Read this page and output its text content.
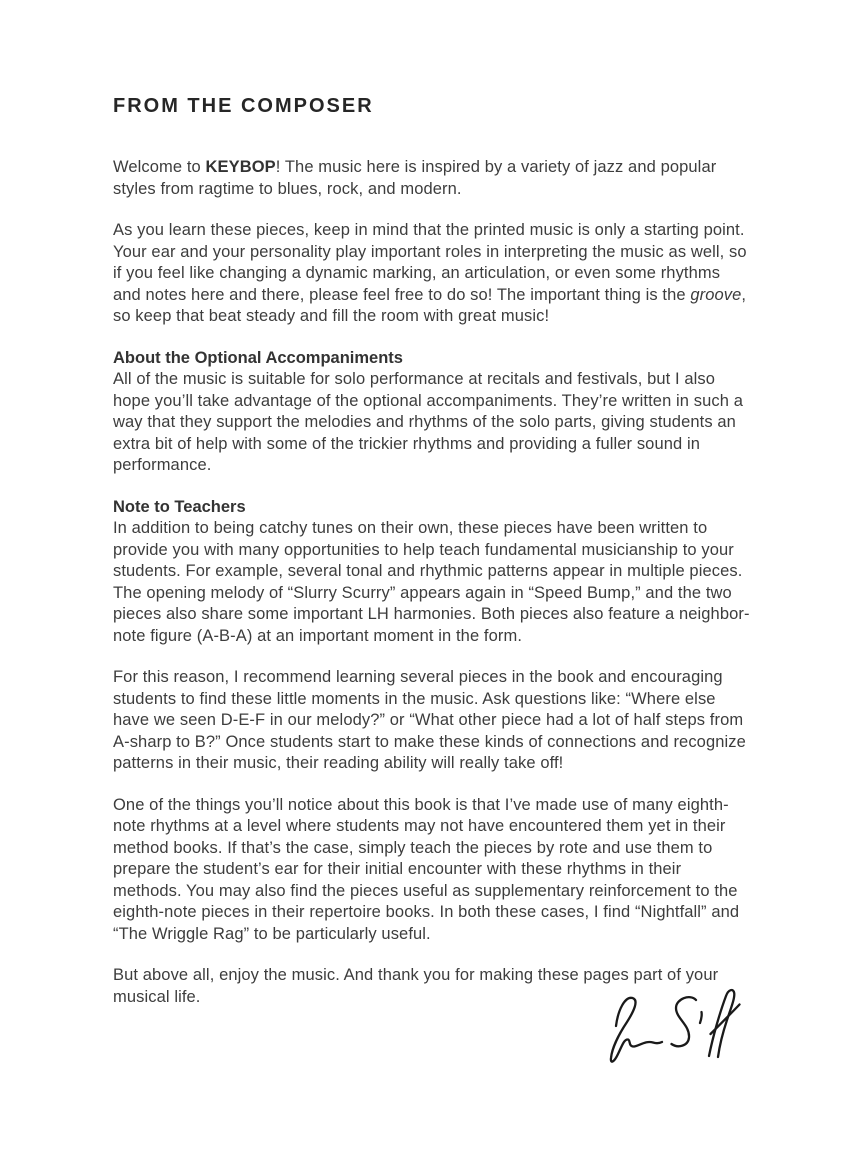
FROM THE COMPOSER

Welcome to KEYBOP! The music here is inspired by a variety of jazz and popular styles from ragtime to blues, rock, and modern.

As you learn these pieces, keep in mind that the printed music is only a starting point. Your ear and your personality play important roles in interpreting the music as well, so if you feel like changing a dynamic marking, an articulation, or even some rhythms and notes here and there, please feel free to do so! The important thing is the groove, so keep that beat steady and fill the room with great music!

About the Optional Accompaniments

All of the music is suitable for solo performance at recitals and festivals, but I also hope you’ll take advantage of the optional accompaniments. They’re written in such a way that they support the melodies and rhythms of the solo parts, giving students an extra bit of help with some of the trickier rhythms and providing a fuller sound in performance.

Note to Teachers

In addition to being catchy tunes on their own, these pieces have been written to provide you with many opportunities to help teach fundamental musicianship to your students. For example, several tonal and rhythmic patterns appear in multiple pieces. The opening melody of “Slurry Scurry” appears again in “Speed Bump,” and the two pieces also share some important LH harmonies. Both pieces also feature a neighbor-note figure (A-B-A) at an important moment in the form.

For this reason, I recommend learning several pieces in the book and encouraging students to find these little moments in the music. Ask questions like: “Where else have we seen D-E-F in our melody?” or “What other piece had a lot of half steps from A-sharp to B?” Once students start to make these kinds of connections and recognize patterns in their music, their reading ability will really take off!

One of the things you’ll notice about this book is that I’ve made use of many eighth-note rhythms at a level where students may not have encountered them yet in their method books. If that’s the case, simply teach the pieces by rote and use them to prepare the student’s ear for their initial encounter with these rhythms in their methods. You may also find the pieces useful as supplementary reinforcement to the eighth-note pieces in their repertoire books. In both these cases, I find “Nightfall” and “The Wriggle Rag” to be particularly useful.

But above all, enjoy the music. And thank you for making these pages part of your musical life.
